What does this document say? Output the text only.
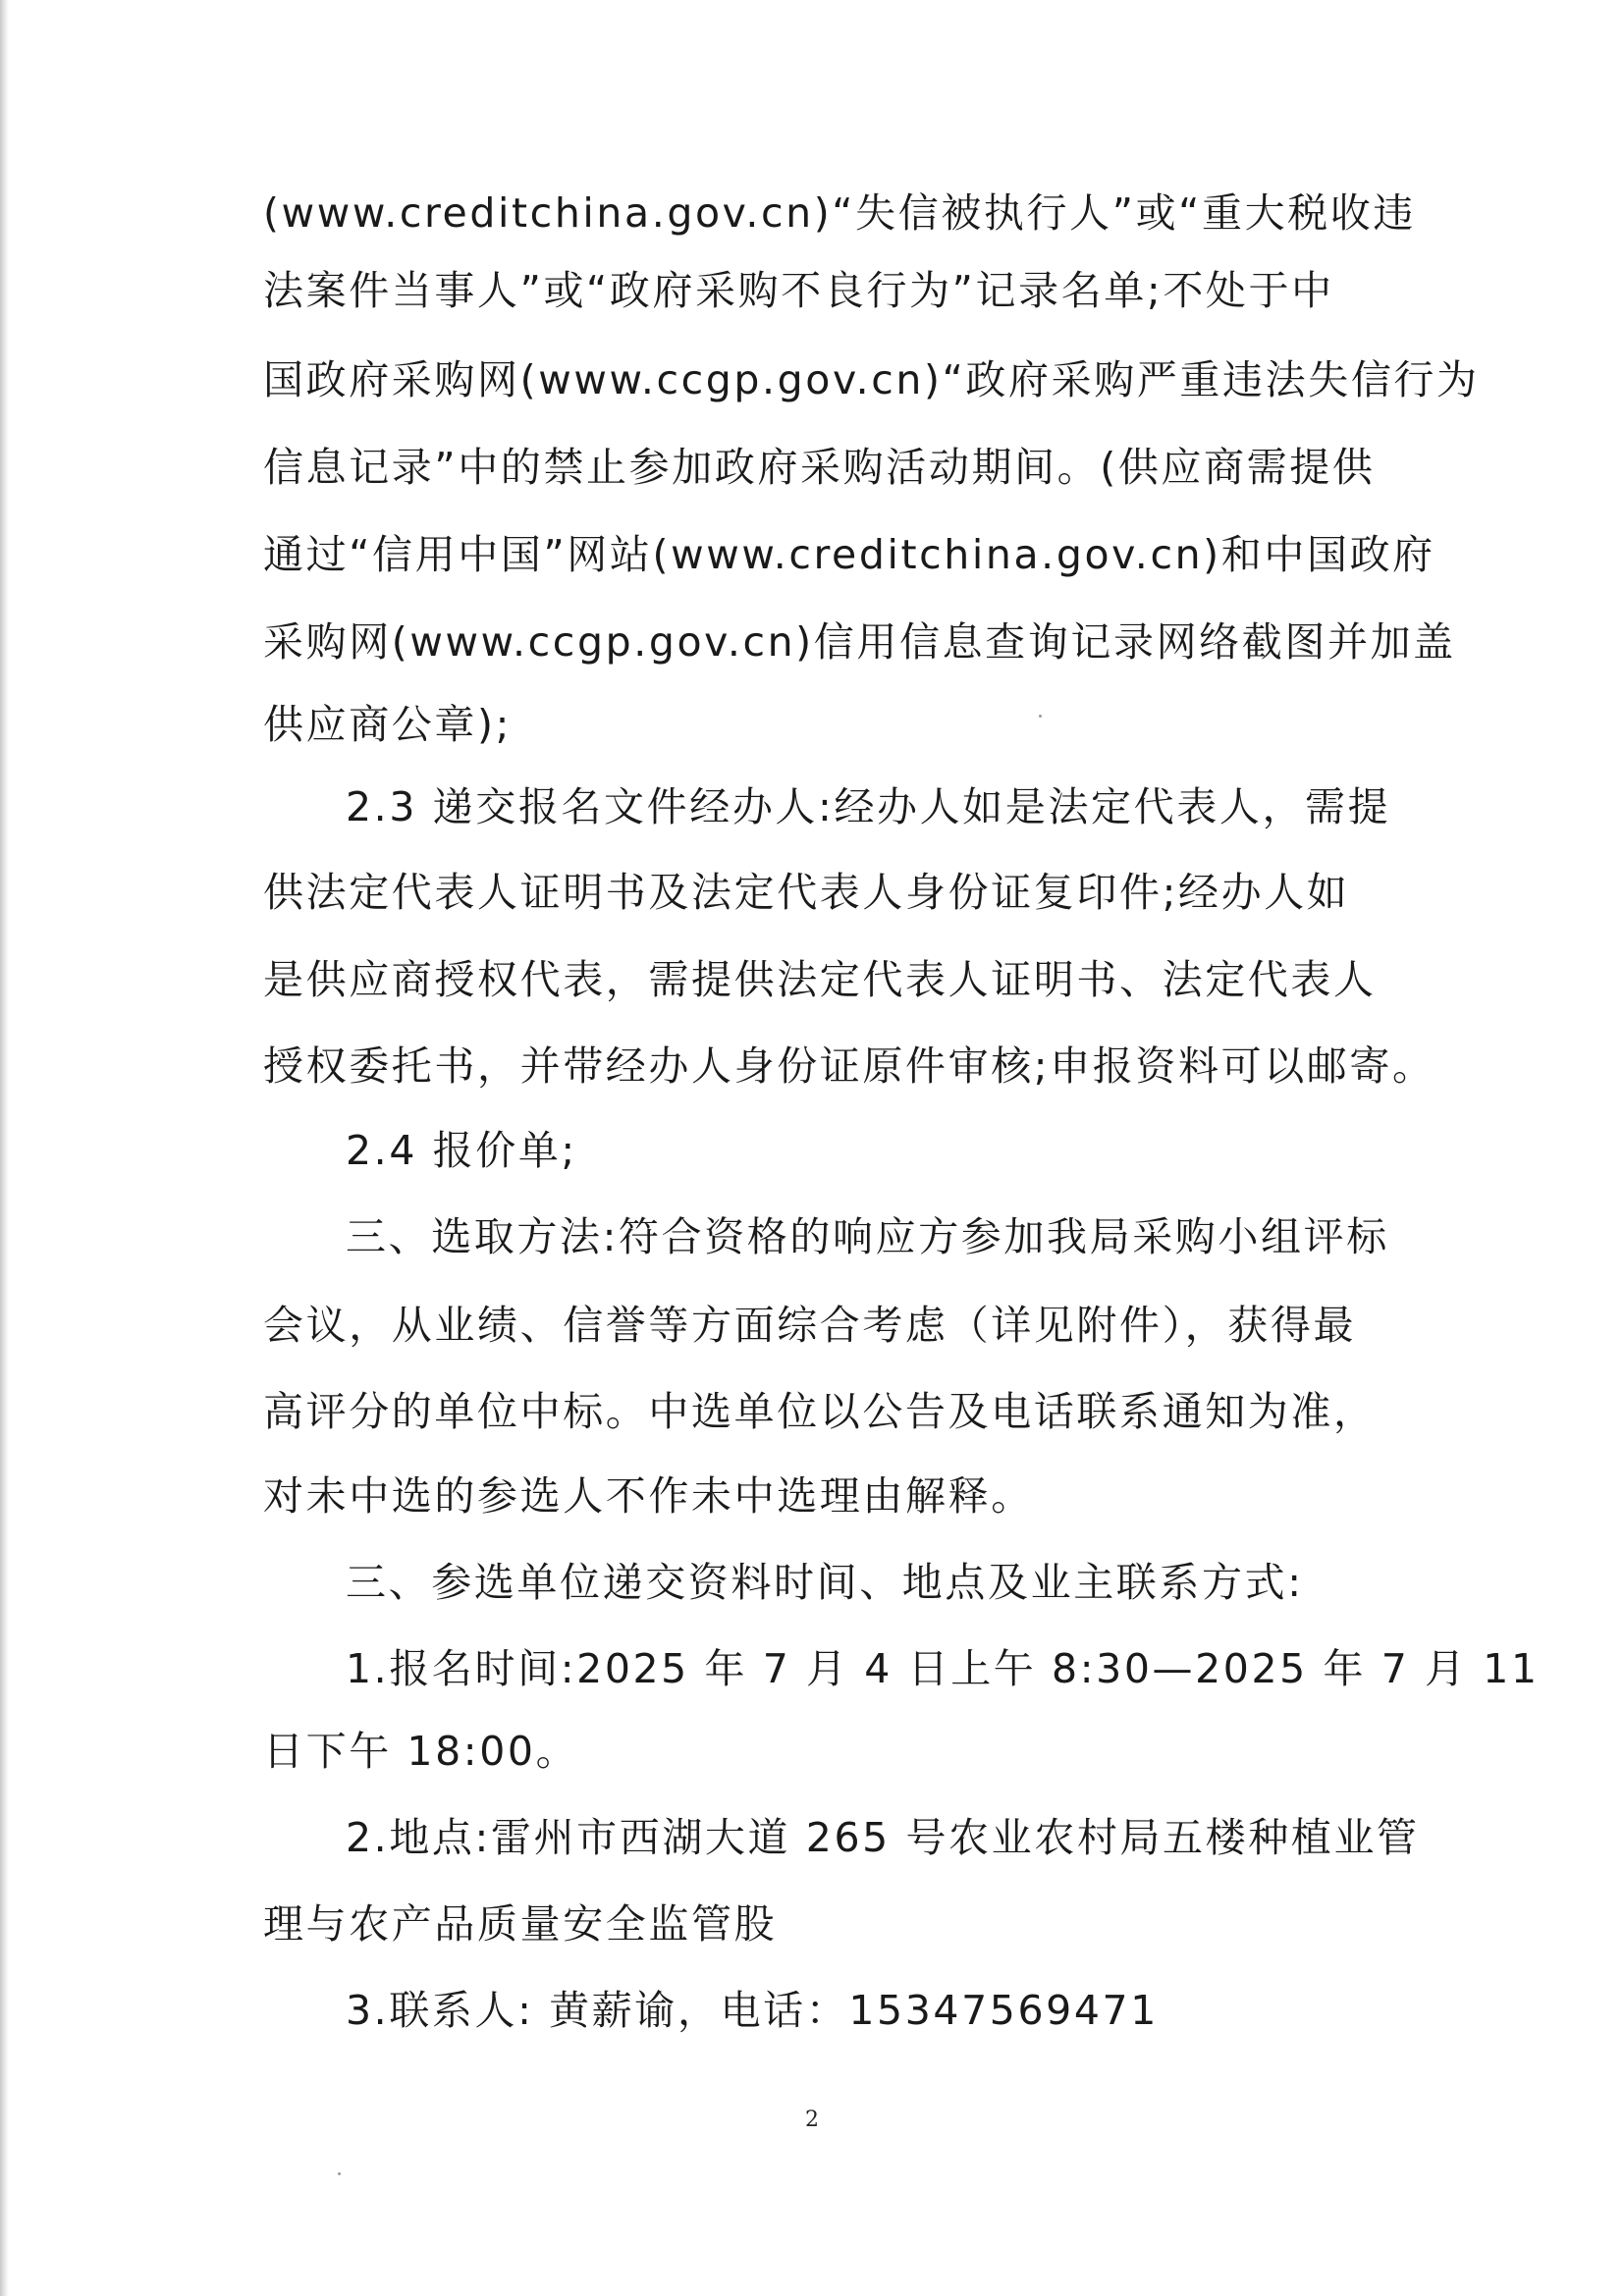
(www.creditchina.gov.cn)“失信被执行人”或“重大税收违
法案件当事人”或“政府采购不良行为”记录名单;不处于中
国政府采购网(www.ccgp.gov.cn)“政府采购严重违法失信行为
信息记录”中的禁止参加政府采购活动期间。(供应商需提供
通过“信用中国”网站(www.creditchina.gov.cn)和中国政府
采购网(www.ccgp.gov.cn)信用信息查询记录网络截图并加盖
供应商公章);
2.3 递交报名文件经办人:经办人如是法定代表人，需提
供法定代表人证明书及法定代表人身份证复印件;经办人如
是供应商授权代表，需提供法定代表人证明书、法定代表人
授权委托书，并带经办人身份证原件审核;申报资料可以邮寄。
2.4 报价单;
三、选取方法:符合资格的响应方参加我局采购小组评标
会议，从业绩、信誉等方面综合考虑（详见附件），获得最
高评分的单位中标。中选单位以公告及电话联系通知为准，
对未中选的参选人不作未中选理由解释。
三、参选单位递交资料时间、地点及业主联系方式:
1.报名时间:2025 年 7 月 4 日上午 8:30—2025 年 7 月 11
日下午 18:00。
2.地点:雷州市西湖大道 265 号农业农村局五楼种植业管
理与农产品质量安全监管股
3.联系人: 黄薪谕，电话：15347569471
2
